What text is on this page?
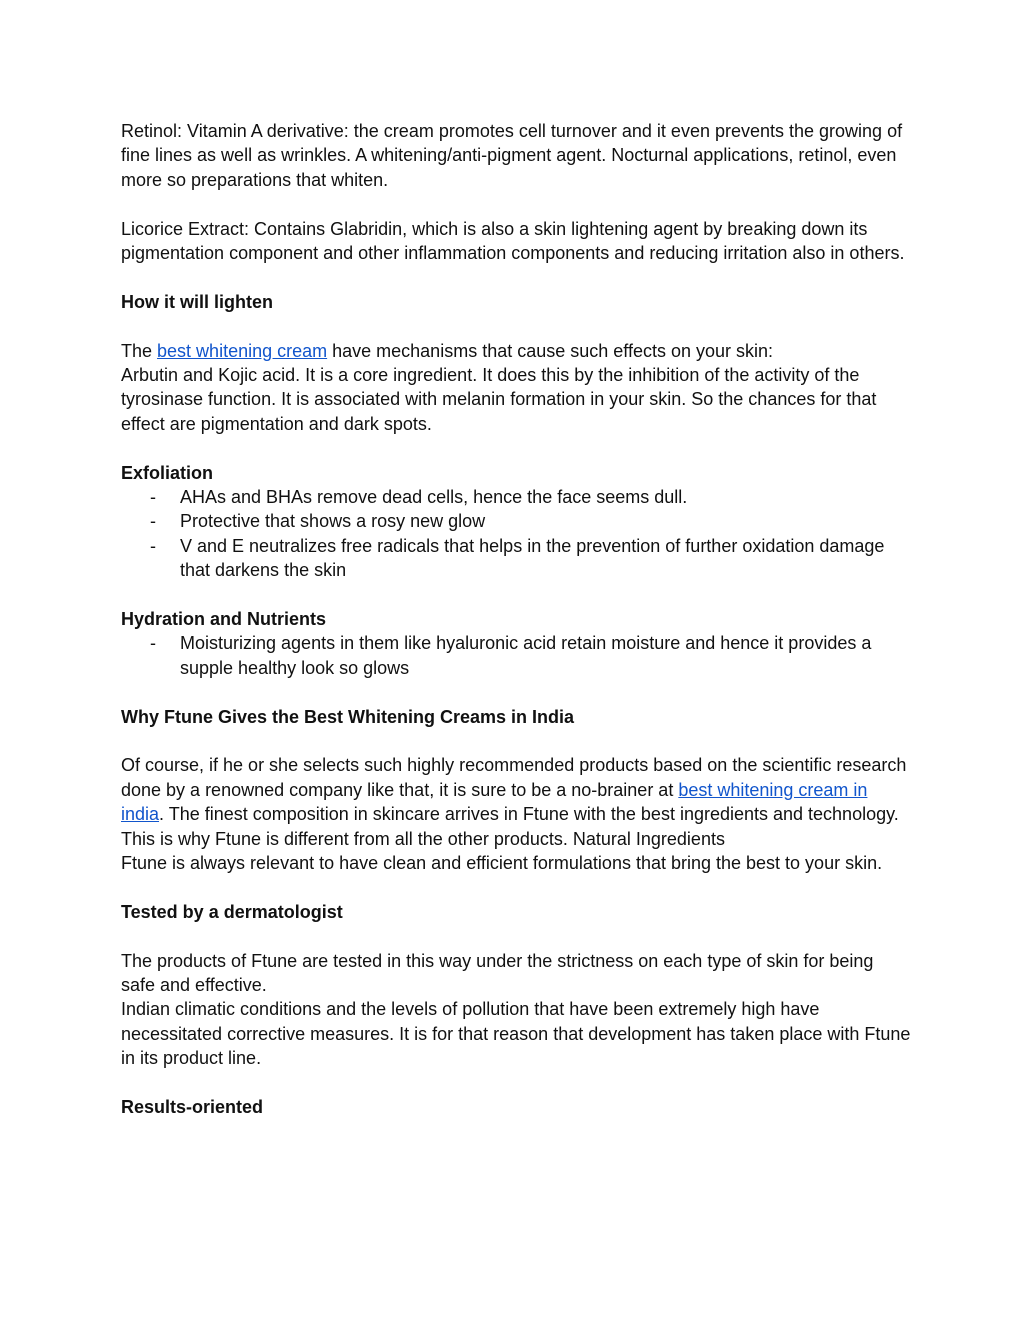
Retinol: Vitamin A derivative: the cream promotes cell turnover and it even prevents the growing of fine lines as well as wrinkles. A whitening/anti-pigment agent. Nocturnal applications, retinol, even more so preparations that whiten.

Licorice Extract: Contains Glabridin, which is also a skin lightening agent by breaking down its pigmentation component and other inflammation components and reducing irritation also in others.

How it will lighten

The best whitening cream have mechanisms that cause such effects on your skin:

Arbutin and Kojic acid. It is a core ingredient. It does this by the inhibition of the activity of the tyrosinase function. It is associated with melanin formation in your skin. So the chances for that effect are pigmentation and dark spots.

Exfoliation

- AHAs and BHAs remove dead cells, hence the face seems dull.
- Protective that shows a rosy new glow
- V and E neutralizes free radicals that helps in the prevention of further oxidation damage that darkens the skin

Hydration and Nutrients

- Moisturizing agents in them like hyaluronic acid retain moisture and hence it provides a supple healthy look so glows

Why Ftune Gives the Best Whitening Creams in India

Of course, if he or she selects such highly recommended products based on the scientific research done by a renowned company like that, it is sure to be a no-brainer at best whitening cream in india. The finest composition in skincare arrives in Ftune with the best ingredients and technology. This is why Ftune is different from all the other products. Natural Ingredients

Ftune is always relevant to have clean and efficient formulations that bring the best to your skin.

Tested by a dermatologist

The products of Ftune are tested in this way under the strictness on each type of skin for being safe and effective.

Indian climatic conditions and the levels of pollution that have been extremely high have necessitated corrective measures. It is for that reason that development has taken place with Ftune in its product line.

Results-oriented
